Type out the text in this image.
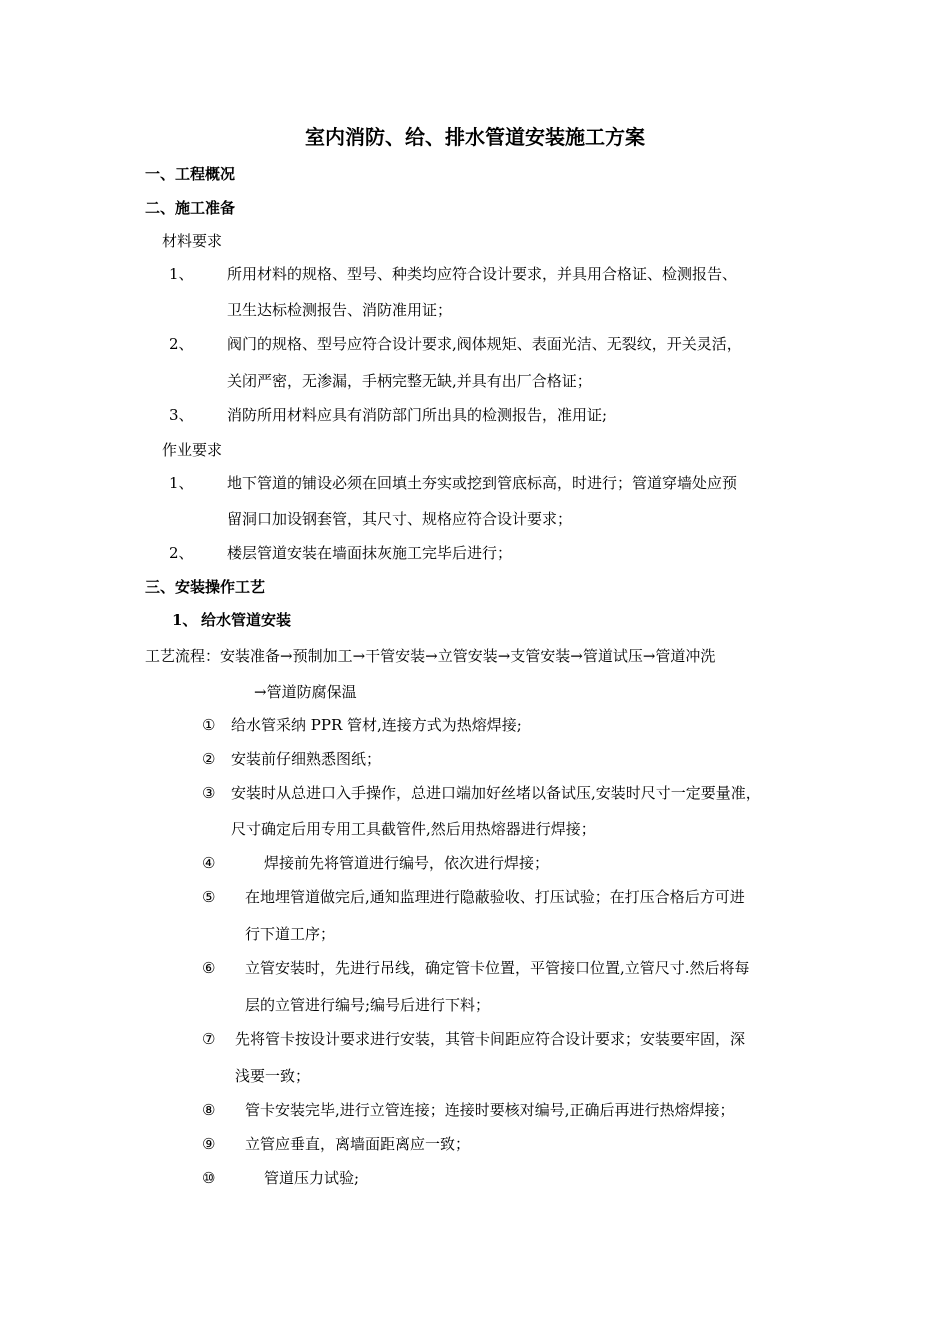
室内消防、给、排水管道安装施工方案
一、工程概况
二、施工准备
材料要求
1、 所用材料的规格、型号、种类均应符合设计要求，并具用合格证、检测报告、
卫生达标检测报告、消防准用证；
2、 阀门的规格、型号应符合设计要求,阀体规矩、表面光洁、无裂纹，开关灵活，
关闭严密，无渗漏，手柄完整无缺,并具有出厂合格证；
3、 消防所用材料应具有消防部门所出具的检测报告，准用证;
作业要求
1、 地下管道的铺设必须在回填土夯实或挖到管底标高，时进行；管道穿墙处应预
留洞口加设钢套管，其尺寸、规格应符合设计要求；
2、 楼层管道安装在墙面抹灰施工完毕后进行；
三、安装操作工艺
1、 给水管道安装
工艺流程：安装准备→预制加工→干管安装→立管安装→支管安装→管道试压→管道冲洗
→管道防腐保温
① 给水管采纳 PPR 管材,连接方式为热熔焊接;
② 安装前仔细熟悉图纸；
③ 安装时从总进口入手操作，总进口端加好丝堵以备试压,安装时尺寸一定要量准，
尺寸确定后用专用工具截管件,然后用热熔器进行焊接；
④	焊接前先将管道进行编号，依次进行焊接；
⑤ 在地埋管道做完后,通知监理进行隐蔽验收、打压试验；在打压合格后方可进
行下道工序；
⑥ 立管安装时，先进行吊线，确定管卡位置，平管接口位置,立管尺寸.然后将每
层的立管进行编号;编号后进行下料；
⑦ 先将管卡按设计要求进行安装，其管卡间距应符合设计要求；安装要牢固，深
浅要一致；
⑧ 管卡安装完毕,进行立管连接；连接时要核对编号,正确后再进行热熔焊接；
⑨ 立管应垂直，离墙面距离应一致；
⑩	管道压力试验;
